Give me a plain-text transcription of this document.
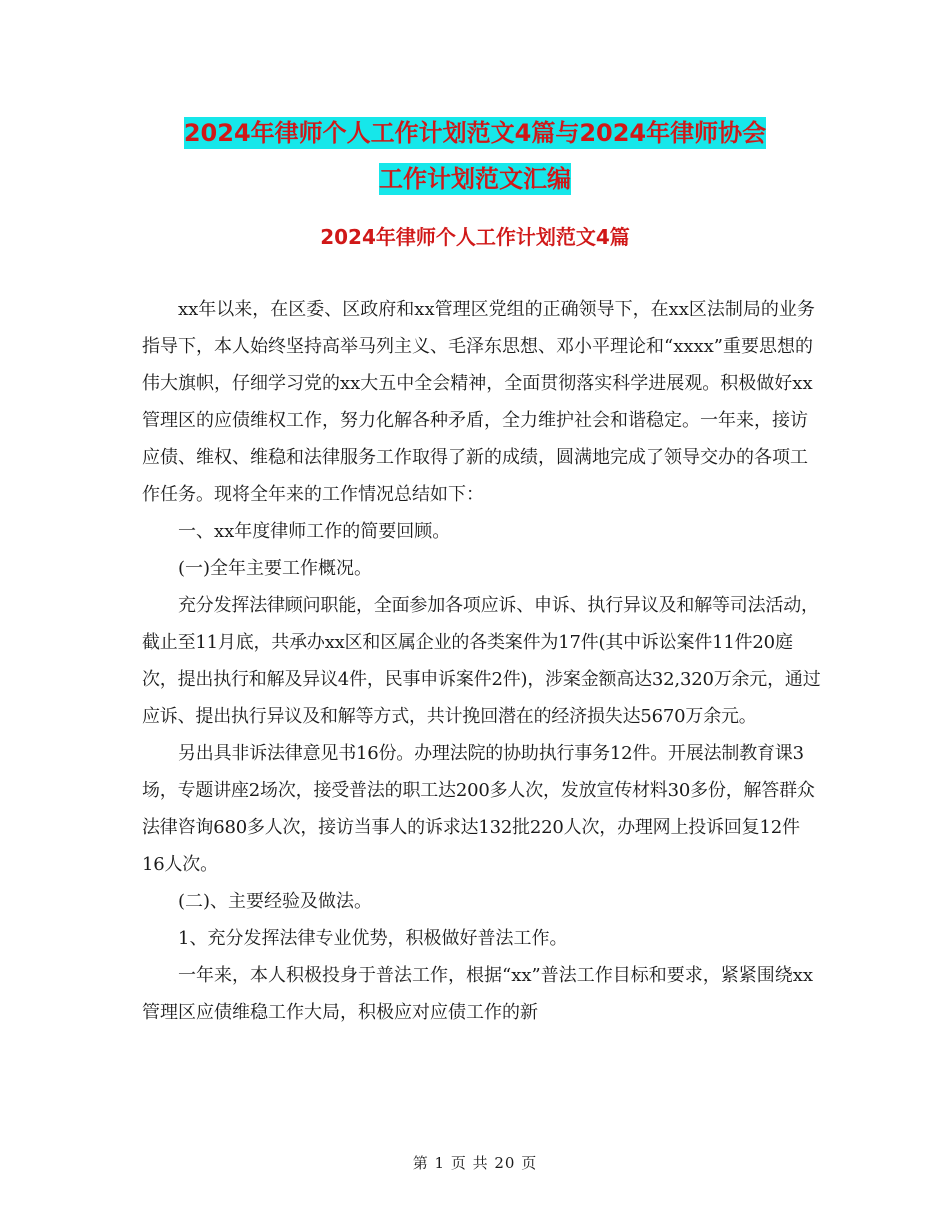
2024年律师个人工作计划范文4篇与2024年律师协会
工作计划范文汇编
2024年律师个人工作计划范文4篇

xx年以来，在区委、区政府和xx管理区党组的正确领导下，在xx区法制局的业务指导下，本人始终坚持高举马列主义、毛泽东思想、邓小平理论和“xxxx”重要思想的伟大旗帜，仔细学习党的xx大五中全会精神，全面贯彻落实科学进展观。积极做好xx管理区的应债维权工作，努力化解各种矛盾，全力维护社会和谐稳定。一年来，接访应债、维权、维稳和法律服务工作取得了新的成绩，圆满地完成了领导交办的各项工作任务。现将全年来的工作情况总结如下：

一、xx年度律师工作的简要回顾。

(一)全年主要工作概况。

充分发挥法律顾问职能，全面参加各项应诉、申诉、执行异议及和解等司法活动，截止至11月底，共承办xx区和区属企业的各类案件为17件(其中诉讼案件11件20庭次，提出执行和解及异议4件，民事申诉案件2件)，涉案金额高达32,320万余元，通过应诉、提出执行异议及和解等方式，共计挽回潜在的经济损失达5670万余元。

另出具非诉法律意见书16份。办理法院的协助执行事务12件。开展法制教育课3场，专题讲座2场次，接受普法的职工达200多人次，发放宣传材料30多份，解答群众法律咨询680多人次，接访当事人的诉求达132批220人次，办理网上投诉回复12件16人次。

(二)、主要经验及做法。

1、充分发挥法律专业优势，积极做好普法工作。

一年来，本人积极投身于普法工作，根据“xx”普法工作目标和要求，紧紧围绕xx管理区应债维稳工作大局，积极应对应债工作的新

第 1 页 共 20 页
